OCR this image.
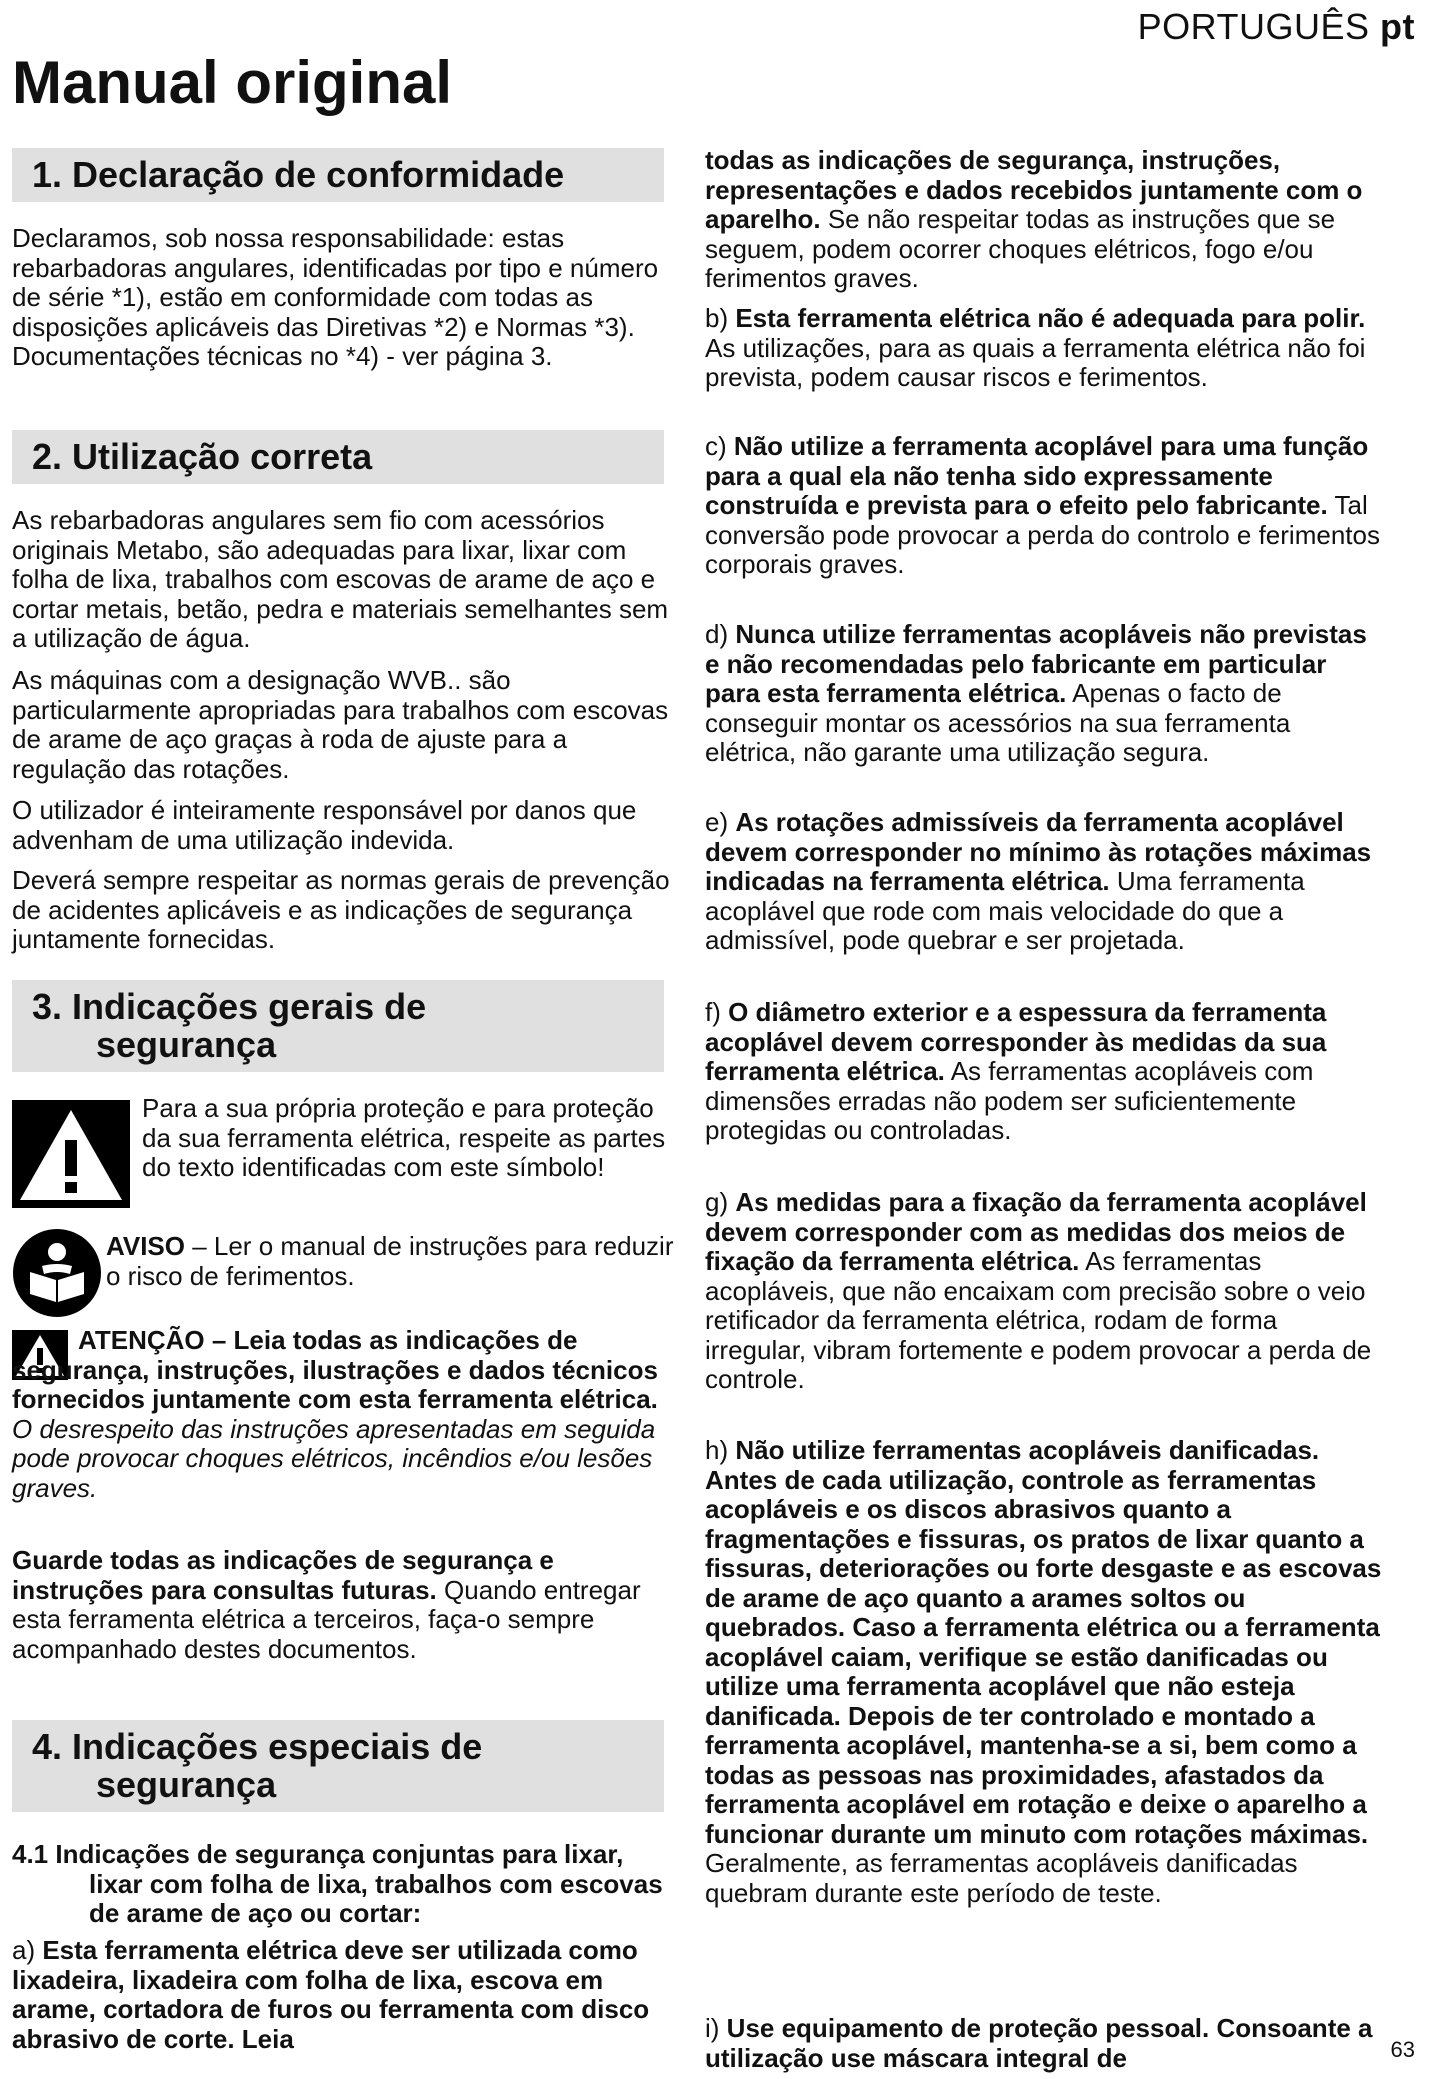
PORTUGUÊS pt
Manual original
1. Declaração de conformidade

Declaramos, sob nossa responsabilidade: estas rebarbadoras angulares, identificadas por tipo e número de série *1), estão em conformidade com todas as disposições aplicáveis das Diretivas *2) e Normas *3). Documentações técnicas no *4) - ver página 3.

2. Utilização correta

As rebarbadoras angulares sem fio com acessórios originais Metabo, são adequadas para lixar, lixar com folha de lixa, trabalhos com escovas de arame de aço e cortar metais, betão, pedra e materiais semelhantes sem a utilização de água.

As máquinas com a designação WVB.. são particularmente apropriadas para trabalhos com escovas de arame de aço graças à roda de ajuste para a regulação das rotações.

O utilizador é inteiramente responsável por danos que advenham de uma utilização indevida.

Deverá sempre respeitar as normas gerais de prevenção de acidentes aplicáveis e as indicações de segurança juntamente fornecidas.

3. Indicações gerais de
segurança

Para a sua própria proteção e para proteção da sua ferramenta elétrica, respeite as partes do texto identificadas com este símbolo!

AVISO – Ler o manual de instruções para reduzir o risco de ferimentos.

ATENÇÃO – Leia todas as indicações de segurança, instruções, ilustrações e dados técnicos fornecidos juntamente com esta ferramenta elétrica. O desrespeito das instruções apresentadas em seguida pode provocar choques elétricos, incêndios e/ou lesões graves.

Guarde todas as indicações de segurança e instruções para consultas futuras. Quando entregar esta ferramenta elétrica a terceiros, faça-o sempre acompanhado destes documentos.

4. Indicações especiais de
segurança

4.1 Indicações de segurança conjuntas para lixar, lixar com folha de lixa, trabalhos com escovas de arame de aço ou cortar:

a) Esta ferramenta elétrica deve ser utilizada como lixadeira, lixadeira com folha de lixa, escova em arame, cortadora de furos ou ferramenta com disco abrasivo de corte. Leia

todas as indicações de segurança, instruções, representações e dados recebidos juntamente com o aparelho. Se não respeitar todas as instruções que se seguem, podem ocorrer choques elétricos, fogo e/ou ferimentos graves.

b) Esta ferramenta elétrica não é adequada para polir. As utilizações, para as quais a ferramenta elétrica não foi prevista, podem causar riscos e ferimentos.

c) Não utilize a ferramenta acoplável para uma função para a qual ela não tenha sido expressamente construída e prevista para o efeito pelo fabricante. Tal conversão pode provocar a perda do controlo e ferimentos corporais graves.

d) Nunca utilize ferramentas acopláveis não previstas e não recomendadas pelo fabricante em particular para esta ferramenta elétrica. Apenas o facto de conseguir montar os acessórios na sua ferramenta elétrica, não garante uma utilização segura.

e) As rotações admissíveis da ferramenta acoplável devem corresponder no mínimo às rotações máximas indicadas na ferramenta elétrica. Uma ferramenta acoplável que rode com mais velocidade do que a admissível, pode quebrar e ser projetada.

f) O diâmetro exterior e a espessura da ferramenta acoplável devem corresponder às medidas da sua ferramenta elétrica. As ferramentas acopláveis com dimensões erradas não podem ser suficientemente protegidas ou controladas.

g) As medidas para a fixação da ferramenta acoplável devem corresponder com as medidas dos meios de fixação da ferramenta elétrica. As ferramentas acopláveis, que não encaixam com precisão sobre o veio retificador da ferramenta elétrica, rodam de forma irregular, vibram fortemente e podem provocar a perda de controle.

h) Não utilize ferramentas acopláveis danificadas. Antes de cada utilização, controle as ferramentas acopláveis e os discos abrasivos quanto a fragmentações e fissuras, os pratos de lixar quanto a fissuras, deteriorações ou forte desgaste e as escovas de arame de aço quanto a arames soltos ou quebrados. Caso a ferramenta elétrica ou a ferramenta acoplável caiam, verifique se estão danificadas ou utilize uma ferramenta acoplável que não esteja danificada. Depois de ter controlado e montado a ferramenta acoplável, mantenha-se a si, bem como a todas as pessoas nas proximidades, afastados da ferramenta acoplável em rotação e deixe o aparelho a funcionar durante um minuto com rotações máximas. Geralmente, as ferramentas acopláveis danificadas quebram durante este período de teste.

i) Use equipamento de proteção pessoal. Consoante a utilização use máscara integral de	63
